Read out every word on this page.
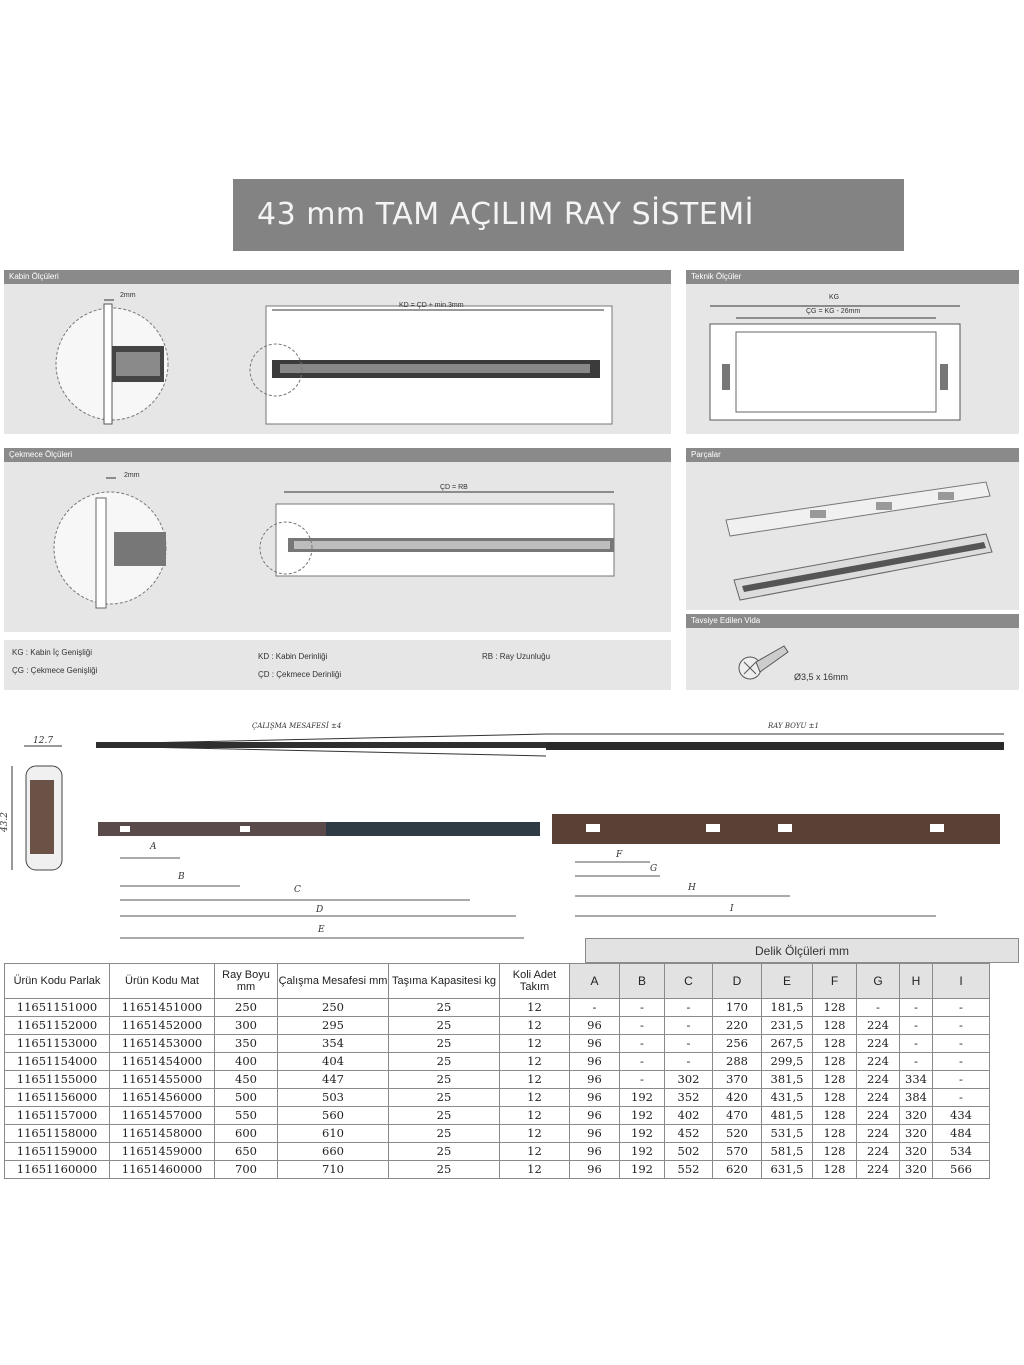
43 mm TAM AÇILIM RAY SİSTEMİ
Kabin Ölçüleri
2mm
KD = ÇD + min.3mm
Teknik Ölçüler
KG
ÇG = KG - 26mm
Çekmece Ölçüleri
2mm
ÇD = RB
Parçalar
Tavsiye Edilen Vida
Ø3,5 x 16mm
KG : Kabin İç Genişliği
ÇG : Çekmece Genişliği
KD : Kabin Derinliği
ÇD : Çekmece Derinliği
RB : Ray Uzunluğu
12.7
43.2
ÇALIŞMA MESAFESİ ±4	RAY BOYU ±1
A
B
C
D
E
F
G
H
I
Delik Ölçüleri mm
Ürün Kodu Parlak	Ürün Kodu Mat	Ray Boyu mm	Çalışma Mesafesi mm	Taşıma Kapasitesi kg	Koli Adet Takım	A	B	C	D	E	F	G	H	I
11651151000	11651451000	250	250	25	12	-	-	-	170	181,5	128	-	-	-
11651152000	11651452000	300	295	25	12	96	-	-	220	231,5	128	224	-	-
11651153000	11651453000	350	354	25	12	96	-	-	256	267,5	128	224	-	-
11651154000	11651454000	400	404	25	12	96	-	-	288	299,5	128	224	-	-
11651155000	11651455000	450	447	25	12	96	-	302	370	381,5	128	224	334	-
11651156000	11651456000	500	503	25	12	96	192	352	420	431,5	128	224	384	-
11651157000	11651457000	550	560	25	12	96	192	402	470	481,5	128	224	320	434
11651158000	11651458000	600	610	25	12	96	192	452	520	531,5	128	224	320	484
11651159000	11651459000	650	660	25	12	96	192	502	570	581,5	128	224	320	534
11651160000	11651460000	700	710	25	12	96	192	552	620	631,5	128	224	320	566
